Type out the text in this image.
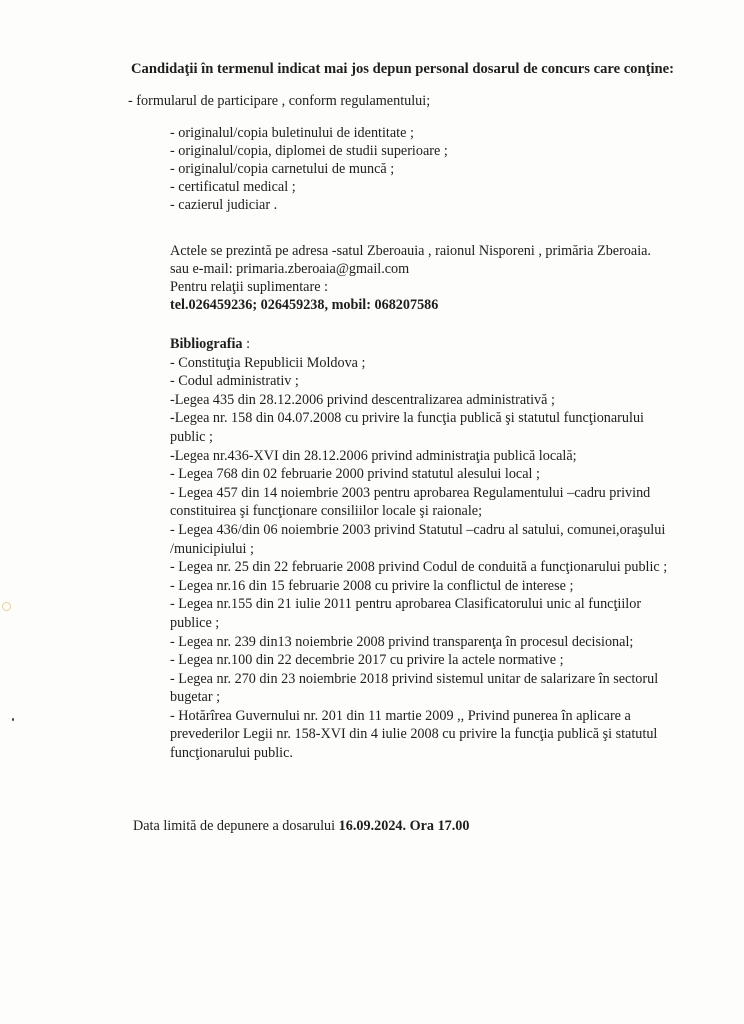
Candidaţii în termenul indicat mai jos depun personal dosarul de concurs care conţine:
- formularul de participare , conform regulamentului;
- originalul/copia buletinului de identitate ;
- originalul/copia, diplomei de studii superioare ;
- originalul/copia carnetului de muncă ;
- certificatul medical ;
- cazierul judiciar .
Actele se prezintă pe adresa -satul Zberoauia , raionul Nisporeni , primăria Zberoaia.
sau e-mail: primaria.zberoaia@gmail.com
Pentru relaţii suplimentare :
tel.026459236; 026459238, mobil: 068207586
Bibliografia :
- Constituţia Republicii Moldova ;
- Codul administrativ ;
-Legea 435 din 28.12.2006 privind descentralizarea administrativă ;
-Legea nr. 158 din 04.07.2008 cu privire la funcţia publică şi statutul funcţionarului
public ;
-Legea nr.436-XVI din 28.12.2006 privind administraţia publică locală;
- Legea 768 din 02 februarie 2000 privind statutul alesului local ;
- Legea 457 din 14 noiembrie 2003 pentru aprobarea Regulamentului –cadru privind
constituirea şi funcţionare consiliilor locale şi raionale;
- Legea 436/din 06 noiembrie 2003 privind Statutul –cadru al satului, comunei,oraşului
/municipiului ;
- Legea nr. 25 din 22 februarie 2008 privind Codul de conduită a funcţionarului public ;
- Legea nr.16 din 15 februarie 2008 cu privire la conflictul de interese ;
- Legea nr.155 din 21 iulie 2011 pentru aprobarea Clasificatorului unic al funcţiilor
publice ;
- Legea nr. 239 din13 noiembrie 2008 privind transparenţa în procesul decisional;
- Legea nr.100 din 22 decembrie 2017 cu privire la actele normative ;
- Legea nr. 270 din 23 noiembrie 2018 privind sistemul unitar de salarizare în sectorul
bugetar ;
- Hotărîrea Guvernului nr. 201 din 11 martie 2009 ,, Privind punerea în aplicare a
prevederilor Legii nr. 158-XVI din 4 iulie 2008 cu privire la funcţia publică şi statutul
funcţionarului public.
Data limită de depunere a dosarului 16.09.2024. Ora 17.00
